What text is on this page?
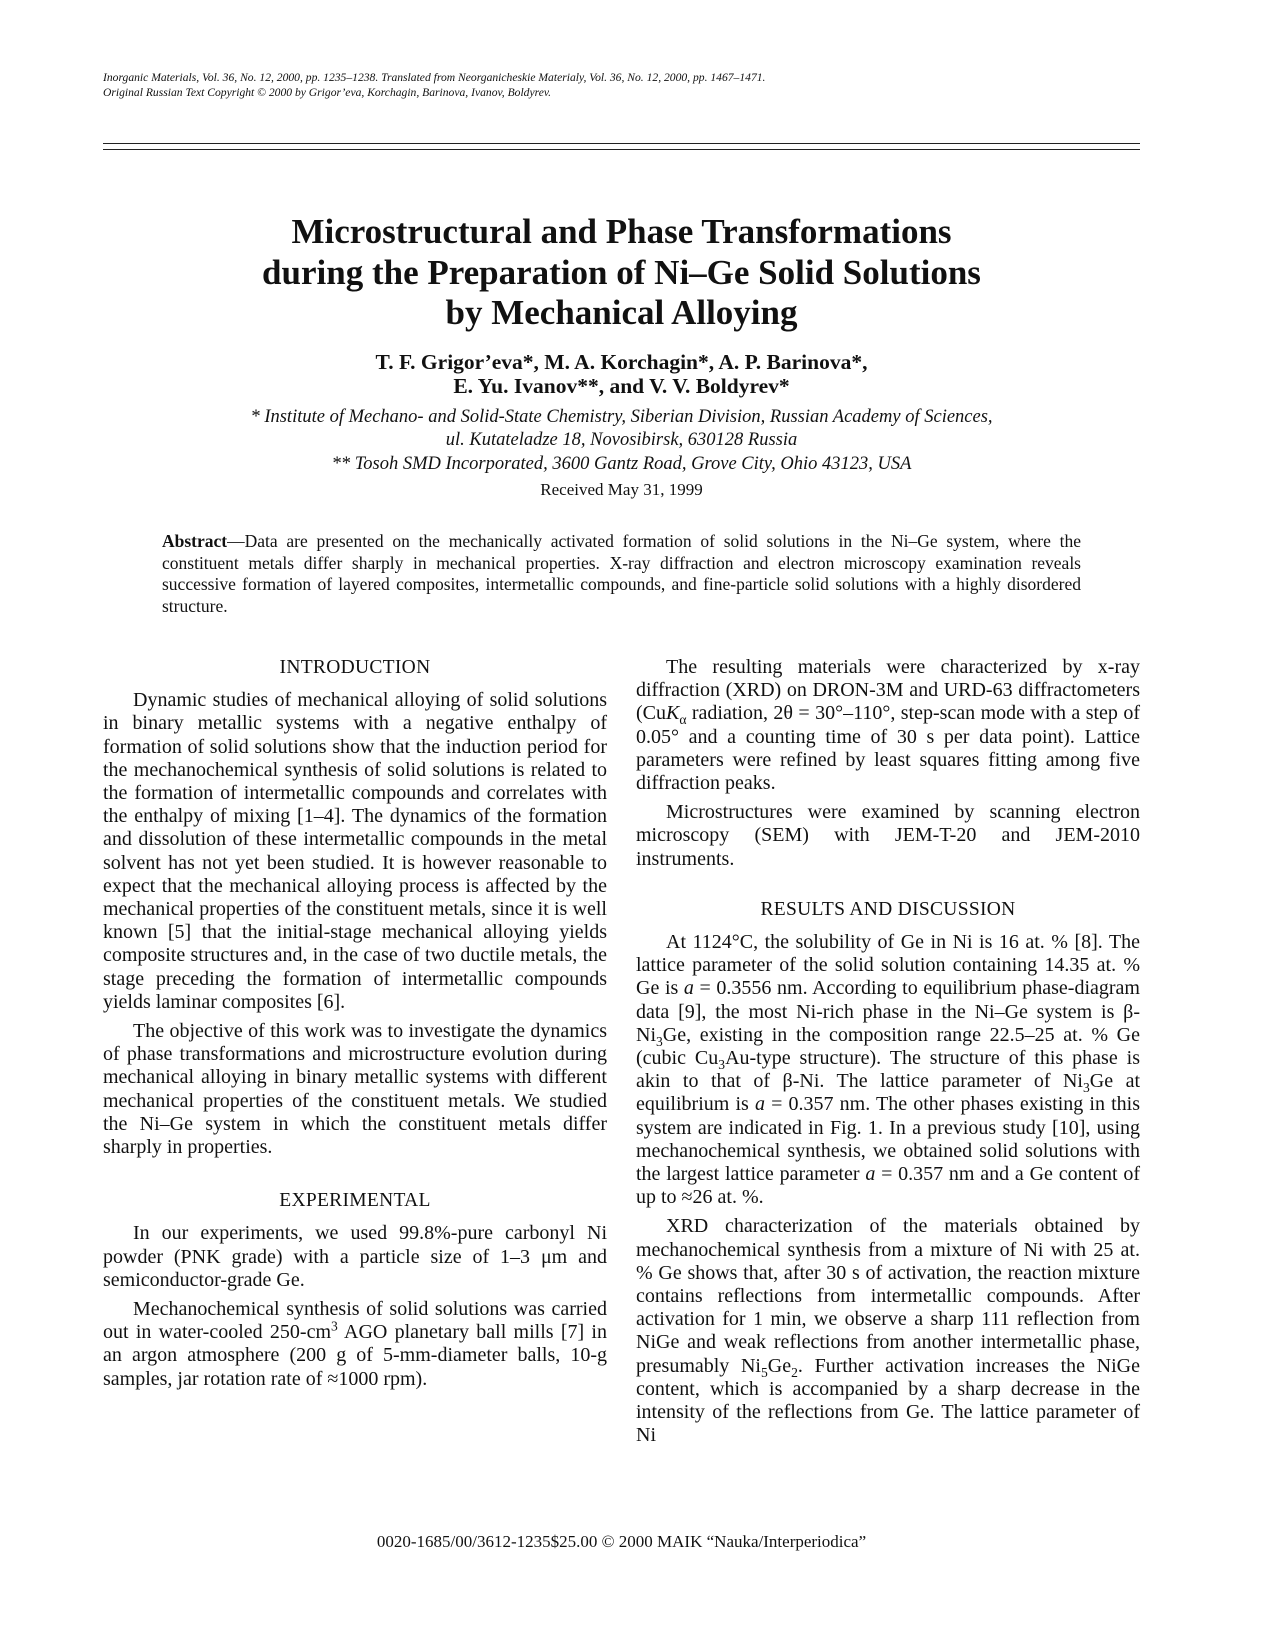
Inorganic Materials, Vol. 36, No. 12, 2000, pp. 1235–1238. Translated from Neorganicheskie Materialy, Vol. 36, No. 12, 2000, pp. 1467–1471.
Original Russian Text Copyright © 2000 by Grigor’eva, Korchagin, Barinova, Ivanov, Boldyrev.
Microstructural and Phase Transformations
during the Preparation of Ni–Ge Solid Solutions
by Mechanical Alloying
T. F. Grigor’eva*, M. A. Korchagin*, A. P. Barinova*,
E. Yu. Ivanov**, and V. V. Boldyrev*
* Institute of Mechano- and Solid-State Chemistry, Siberian Division, Russian Academy of Sciences,
ul. Kutateladze 18, Novosibirsk, 630128 Russia
** Tosoh SMD Incorporated, 3600 Gantz Road, Grove City, Ohio 43123, USA
Received May 31, 1999
Abstract—Data are presented on the mechanically activated formation of solid solutions in the Ni–Ge system, where the constituent metals differ sharply in mechanical properties. X-ray diffraction and electron microscopy examination reveals successive formation of layered composites, intermetallic compounds, and fine-particle solid solutions with a highly disordered structure.
INTRODUCTION

Dynamic studies of mechanical alloying of solid solutions in binary metallic systems with a negative enthalpy of formation of solid solutions show that the induction period for the mechanochemical synthesis of solid solutions is related to the formation of intermetallic compounds and correlates with the enthalpy of mixing [1–4]. The dynamics of the formation and dissolution of these intermetallic compounds in the metal solvent has not yet been studied. It is however reasonable to expect that the mechanical alloying process is affected by the mechanical properties of the constituent metals, since it is well known [5] that the initial-stage mechanical alloying yields composite structures and, in the case of two ductile metals, the stage preceding the formation of intermetallic compounds yields laminar composites [6].

The objective of this work was to investigate the dynamics of phase transformations and microstructure evolution during mechanical alloying in binary metallic systems with different mechanical properties of the constituent metals. We studied the Ni–Ge system in which the constituent metals differ sharply in properties.

EXPERIMENTAL

In our experiments, we used 99.8%-pure carbonyl Ni powder (PNK grade) with a particle size of 1–3 μm and semiconductor-grade Ge.

Mechanochemical synthesis of solid solutions was carried out in water-cooled $250-cm^3$ AGO planetary ball mills [7] in an argon atmosphere (200 g of 5-mm-diameter balls, 10-g samples, jar rotation rate of ≈1000 rpm).

The resulting materials were characterized by x-ray diffraction (XRD) on DRON-3M and URD-63 diffractometers (CuK$_\alpha$ radiation, 2θ = 30°–110°, step-scan mode with a step of 0.05° and a counting time of 30 s per data point). Lattice parameters were refined by least squares fitting among five diffraction peaks.

Microstructures were examined by scanning electron microscopy (SEM) with JEM-T-20 and JEM-2010 instruments.

RESULTS AND DISCUSSION

At 1124°C, the solubility of Ge in Ni is 16 at. % [8]. The lattice parameter of the solid solution containing 14.35 at. % Ge is a = 0.3556 nm. According to equilibrium phase-diagram data [9], the most Ni-rich phase in the Ni–Ge system is $\beta-Ni_3Ge$, existing in the composition range 22.5–25 at. % Ge (cubic $Cu_3Au$-type structure). The structure of this phase is akin to that of β-Ni. The lattice parameter of $Ni_3Ge$ at equilibrium is a = 0.357 nm. The other phases existing in this system are indicated in Fig. 1. In a previous study [10], using mechanochemical synthesis, we obtained solid solutions with the largest lattice parameter a = 0.357 nm and a Ge content of up to ≈26 at. %.

XRD characterization of the materials obtained by mechanochemical synthesis from a mixture of Ni with 25 at. % Ge shows that, after 30 s of activation, the reaction mixture contains reflections from intermetallic compounds. After activation for 1 min, we observe a sharp 111 reflection from NiGe and weak reflections from another intermetallic phase, presumably $Ni_5Ge_2$. Further activation increases the NiGe content, which is accompanied by a sharp decrease in the intensity of the reflections from Ge. The lattice parameter of Ni

0020-1685/00/3612-1235$25.00 © 2000 MAIK “Nauka/Interperiodica”
